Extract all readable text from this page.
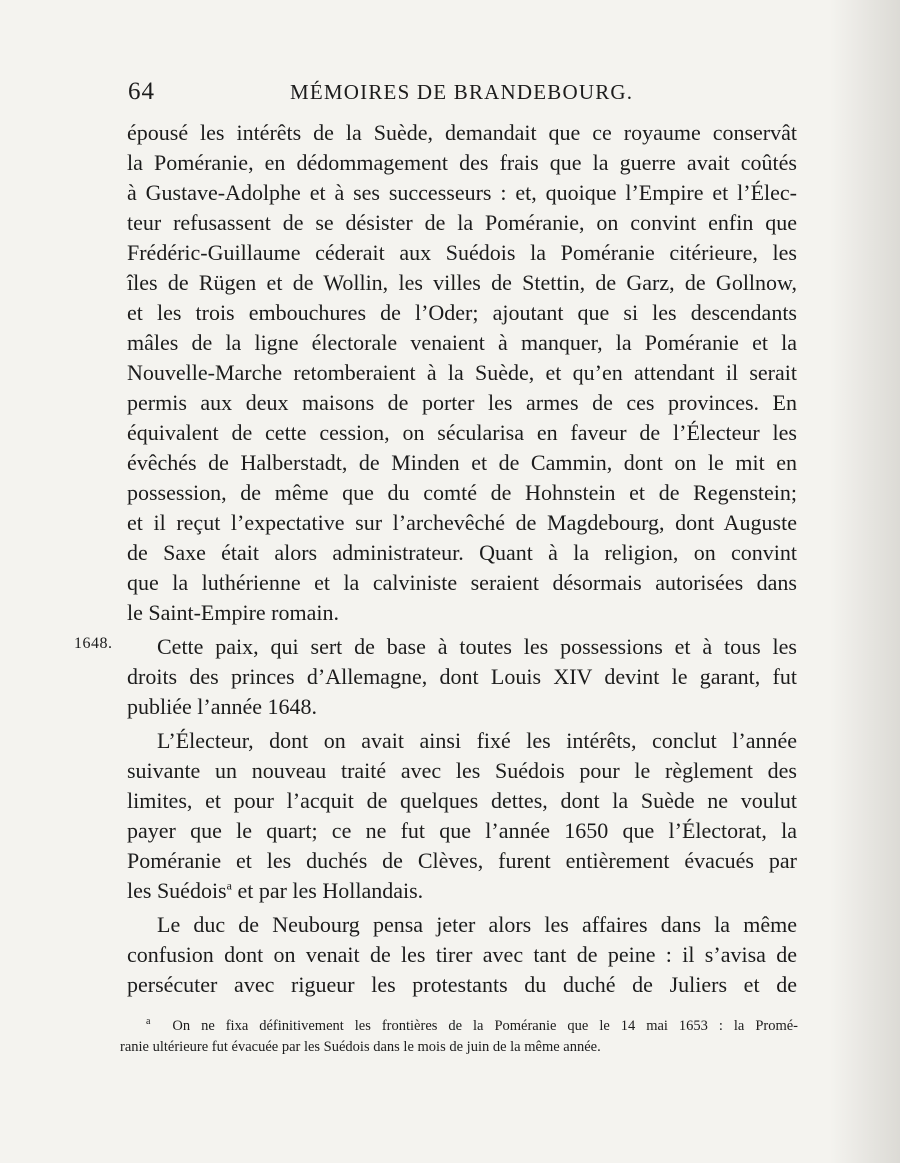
64	MÉMOIRES DE BRANDEBOURG.
épousé les intérêts de la Suède, demandait que ce royaume conservât
la Poméranie, en dédommagement des frais que la guerre avait coûtés
à Gustave-Adolphe et à ses successeurs : et, quoique l’Empire et l’Élec-
teur refusassent de se désister de la Poméranie, on convint enfin que
Frédéric-Guillaume céderait aux Suédois la Poméranie citérieure, les
îles de Rügen et de Wollin, les villes de Stettin, de Garz, de Gollnow,
et les trois embouchures de l’Oder; ajoutant que si les descendants
mâles de la ligne électorale venaient à manquer, la Poméranie et la
Nouvelle-Marche retomberaient à la Suède, et qu’en attendant il serait
permis aux deux maisons de porter les armes de ces provinces. En
équivalent de cette cession, on sécularisa en faveur de l’Électeur les
évêchés de Halberstadt, de Minden et de Cammin, dont on le mit en
possession, de même que du comté de Hohnstein et de Regenstein;
et il reçut l’expectative sur l’archevêché de Magdebourg, dont Auguste
de Saxe était alors administrateur. Quant à la religion, on convint
que la luthérienne et la calviniste seraient désormais autorisées dans
le Saint-Empire romain.
1648.	Cette paix, qui sert de base à toutes les possessions et à tous les
droits des princes d’Allemagne, dont Louis XIV devint le garant, fut
publiée l’année 1648.
L’Électeur, dont on avait ainsi fixé les intérêts, conclut l’année
suivante un nouveau traité avec les Suédois pour le règlement des
limites, et pour l’acquit de quelques dettes, dont la Suède ne voulut
payer que le quart; ce ne fut que l’année 1650 que l’Électorat, la
Poméranie et les duchés de Clèves, furent entièrement évacués par
les Suédois$^a$ et par les Hollandais.
Le duc de Neubourg pensa jeter alors les affaires dans la même
confusion dont on venait de les tirer avec tant de peine : il s’avisa de
persécuter avec rigueur les protestants du duché de Juliers et de
$^a$ On ne fixa définitivement les frontières de la Poméranie que le 14 mai 1653 : la Promé-
ranie ultérieure fut évacuée par les Suédois dans le mois de juin de la même année.
